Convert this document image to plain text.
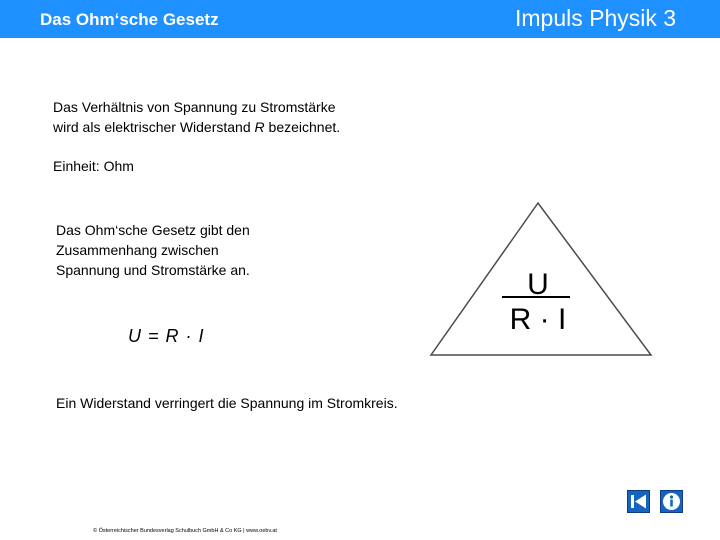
Das Ohm‘sche Gesetz	Impuls Physik 3
Das Verhältnis von Spannung zu Stromstärke
wird als elektrischer Widerstand R bezeichnet.
Einheit: Ohm
Das Ohm‘sche Gesetz gibt den
Zusammenhang zwischen
Spannung und Stromstärke an.
U = R · I
Ein Widerstand verringert die Spannung im Stromkreis.
U
R · I
© Österreichischer Bundesverlag Schulbuch GmbH & Co KG | www.oebv.at
